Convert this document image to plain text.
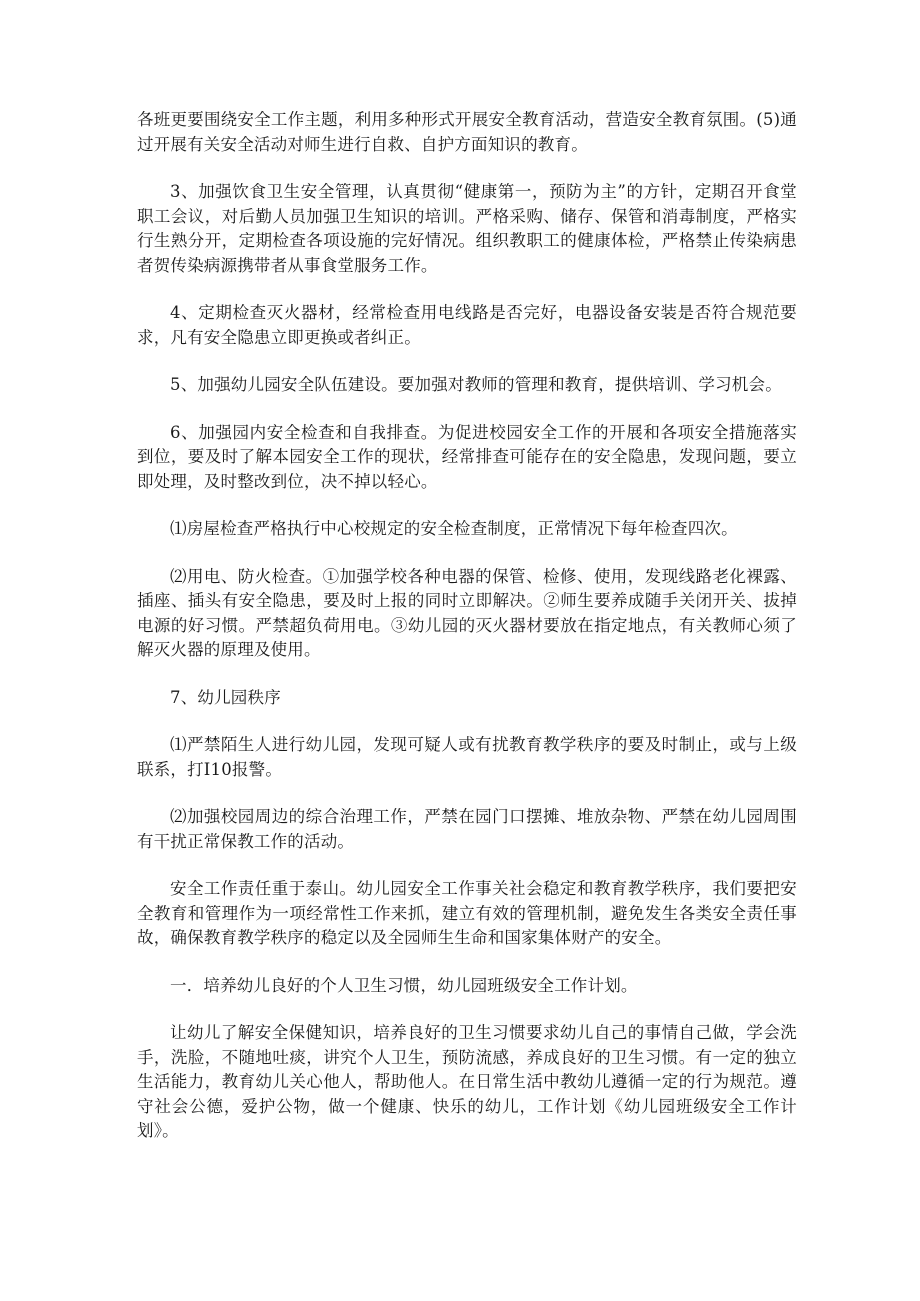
各班更要围绕安全工作主题，利用多种形式开展安全教育活动，营造安全教育氛围。(5)通过开展有关安全活动对师生进行自救、自护方面知识的教育。

3、加强饮食卫生安全管理，认真贯彻“健康第一，预防为主”的方针，定期召开食堂职工会议，对后勤人员加强卫生知识的培训。严格采购、储存、保管和消毒制度，严格实行生熟分开，定期检查各项设施的完好情况。组织教职工的健康体检，严格禁止传染病患者贺传染病源携带者从事食堂服务工作。

4、定期检查灭火器材，经常检查用电线路是否完好，电器设备安装是否符合规范要求，凡有安全隐患立即更换或者纠正。

5、加强幼儿园安全队伍建设。要加强对教师的管理和教育，提供培训、学习机会。

6、加强园内安全检查和自我排查。为促进校园安全工作的开展和各项安全措施落实到位，要及时了解本园安全工作的现状，经常排查可能存在的安全隐患，发现问题，要立即处理，及时整改到位，决不掉以轻心。

⑴房屋检查严格执行中心校规定的安全检查制度，正常情况下每年检查四次。

⑵用电、防火检查。①加强学校各种电器的保管、检修、使用，发现线路老化裸露、插座、插头有安全隐患，要及时上报的同时立即解决。②师生要养成随手关闭开关、拔掉电源的好习惯。严禁超负荷用电。③幼儿园的灭火器材要放在指定地点，有关教师心须了解灭火器的原理及使用。

7、幼儿园秩序

⑴严禁陌生人进行幼儿园，发现可疑人或有扰教育教学秩序的要及时制止，或与上级联系，打I10报警。

⑵加强校园周边的综合治理工作，严禁在园门口摆摊、堆放杂物、严禁在幼儿园周围有干扰正常保教工作的活动。

安全工作责任重于泰山。幼儿园安全工作事关社会稳定和教育教学秩序，我们要把安全教育和管理作为一项经常性工作来抓，建立有效的管理机制，避免发生各类安全责任事故，确保教育教学秩序的稳定以及全园师生生命和国家集体财产的安全。

一．培养幼儿良好的个人卫生习惯，幼儿园班级安全工作计划。

让幼儿了解安全保健知识，培养良好的卫生习惯要求幼儿自己的事情自己做，学会洗手，洗脸，不随地吐痰，讲究个人卫生，预防流感，养成良好的卫生习惯。有一定的独立生活能力，教育幼儿关心他人，帮助他人。在日常生活中教幼儿遵循一定的行为规范。遵守社会公德，爱护公物，做一个健康、快乐的幼儿，工作计划《幼儿园班级安全工作计划》。
